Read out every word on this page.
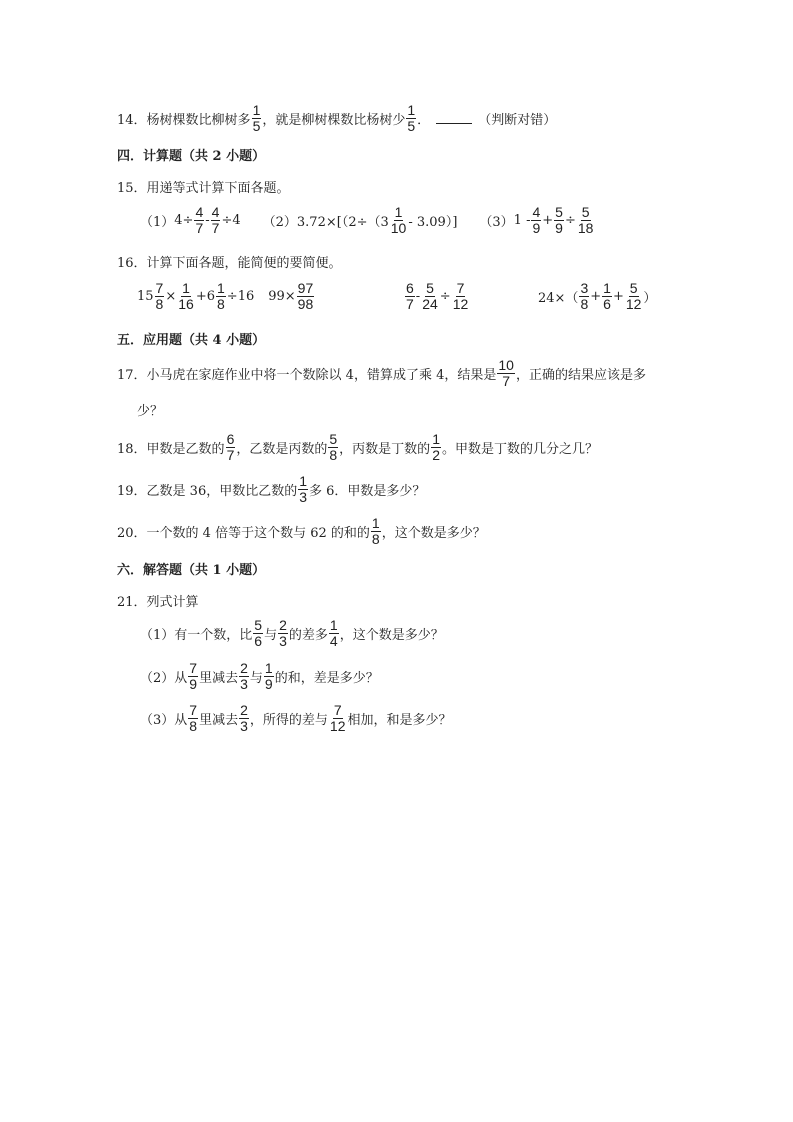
14． 杨树棵数比柳树多 $\frac{1}{5}$ ，就是柳树棵数比杨树少 $\frac{1}{5}$ ．	（判断对错）
四．计算题（共 2 小题）
15． 用递等式计算下面各题。
（1） $4\div \frac{4}{7} - \frac{4}{7} \div 4$ （2） $3.72\times[(2\div(3 \frac{1}{10} - 3.09)]$ （3） $1 - \frac{4}{9} + \frac{5}{9} \div \frac{5}{18}$
16． 计算下面各题，能简便的要简便。
$15 \frac{7}{8} \times \frac{1}{16} +6 \frac{1}{8} \div 16$ $99\times \frac{97}{98}$	$\frac{6}{7} - \frac{5}{24} \div \frac{7}{12}$	$24\times( \frac{3}{8} + \frac{1}{6} + \frac{5}{12}$ ）
五．应用题（共 4 小题）
17． 小马虎在家庭作业中将一个数除以 4，错算成了乘 4，结果是 $\frac{10}{7}$ ，正确的结果应该是多
少？
18． 甲数是乙数的 $\frac{6}{7}$ ，乙数是丙数的 $\frac{5}{8}$ ，丙数是丁数的 $\frac{1}{2}$ 。甲数是丁数的几分之几？
19． 乙数是 36，甲数比乙数的 $\frac{1}{3}$ 多 6．甲数是多少？
20． 一个数的 4 倍等于这个数与 62 的和的 $\frac{1}{8}$ ，这个数是多少？
六．解答题（共 1 小题）
21． 列式计算
（1） 有一个数，比 $\frac{5}{6}$ 与 $\frac{2}{3}$ 的差多 $\frac{1}{4}$ ，这个数是多少？
（2） 从 $\frac{7}{9}$ 里减去 $\frac{2}{3}$ 与 $\frac{1}{9}$ 的和，差是多少？
（3） 从 $\frac{7}{8}$ 里减去 $\frac{2}{3}$ ，所得的差与 $\frac{7}{12}$ 相加，和是多少？
